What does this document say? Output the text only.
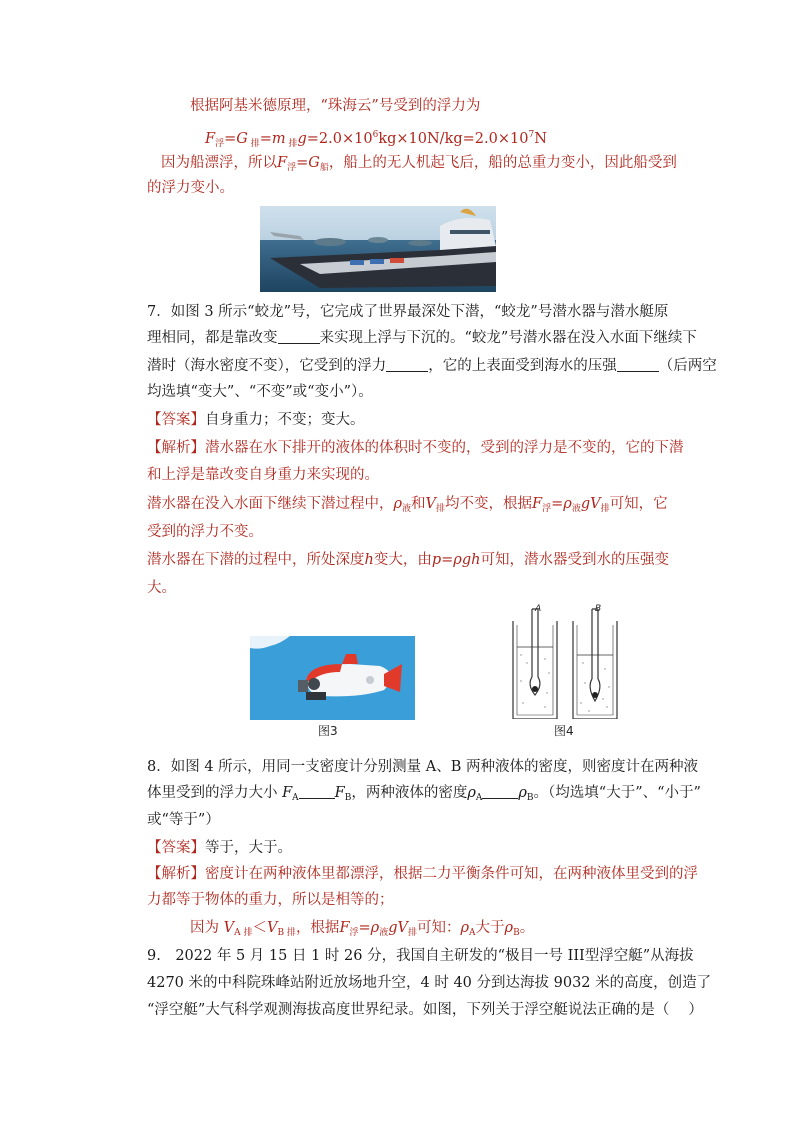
根据阿基米德原理，“珠海云”号受到的浮力为
$F_浮=G$ $_排$=m $_排g=2.0\times 10^6kg\times 10N/kg=2.0\times 10^7N$
因为船漂浮，所以$F_浮=G_船$，船上的无人机起飞后，船的总重力变小，因此船受到
的浮力变小。
7．如图 3 所示“蛟龙”号，它完成了世界最深处下潜，“蛟龙”号潜水器与潜水艇原
理相同，都是靠改变	来实现上浮与下沉的。“蛟龙”号潜水器在没入水面下继续下
潜时（海水密度不变），它受到的浮力	，它的上表面受到海水的压强	（后两空
均选填“变大”、“不变”或“变小”）。
【答案】自身重力；不变；变大。
【解析】潜水器在水下排开的液体的体积时不变的，受到的浮力是不变的，它的下潜
和上浮是靠改变自身重力来实现的。
潜水器在没入水面下继续下潜过程中，$\rho_液$和$V_排$均不变，根据$F_浮=\rho_液gV_排$可知，它
受到的浮力不变。
潜水器在下潜的过程中，所处深度h变大，由p=ρgh可知，潜水器受到水的压强变
大。
图3
A	B
图4
8．如图 4 所示，用同一支密度计分别测量 A、B 两种液体的密度，则密度计在两种液
体里受到的浮力大小 $F_A$ $F_B$，两种液体的密度$\rho_A$ $\rho_B$。（均选填“大于”、“小于”
或“等于”）
【答案】等于，大于。
【解析】密度计在两种液体里都漂浮，根据二力平衡条件可知，在两种液体里受到的浮
力都等于物体的重力，所以是相等的；
因为 $V_{A 排}<V_{B 排}$，根据$F_浮=\rho_液gV_排$可知：$\rho_A$大于$\rho_B$。
9.　2022 年 5 月 15 日 1 时 26 分，我国自主研发的“极目一号 III型浮空艇”从海拔
4270 米的中科院珠峰站附近放场地升空，4 时 40 分到达海拔 9032 米的高度，创造了
“浮空艇”大气科学观测海拔高度世界纪录。如图，下列关于浮空艇说法正确的是（　 ）
